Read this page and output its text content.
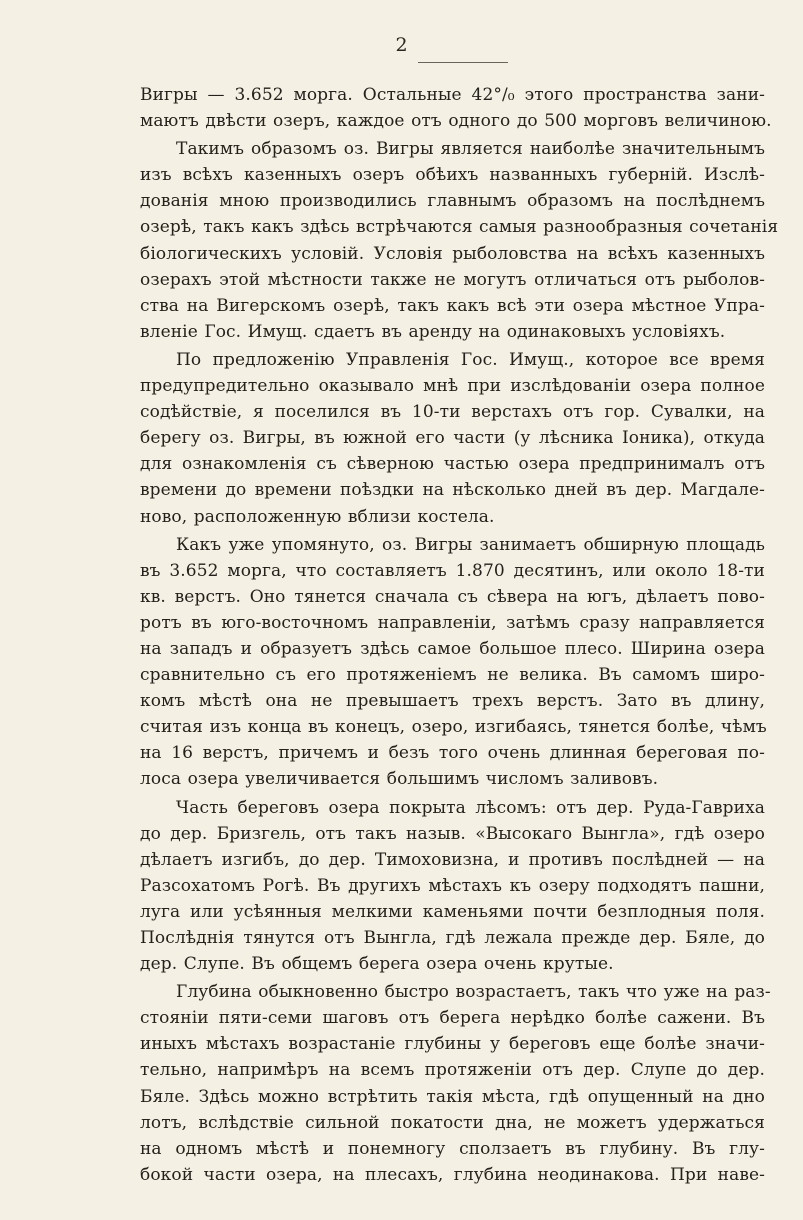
2
Вигры — 3.652 морга. Остальные 42°/₀ этого пространства зани-
маютъ двѣсти озеръ, каждое отъ одного до 500 морговъ величиною.
Такимъ образомъ оз. Вигры является наиболѣе значительнымъ
изъ всѣхъ казенныхъ озеръ обѣихъ названныхъ губерній. Изслѣ-
дованія мною производились главнымъ образомъ на послѣднемъ
озерѣ, такъ какъ здѣсь встрѣчаются самыя разнообразныя сочетанія
біологическихъ условій. Условія рыболовства на всѣхъ казенныхъ
озерахъ этой мѣстности также не могутъ отличаться отъ рыболов-
ства на Вигерскомъ озерѣ, такъ какъ всѣ эти озера мѣстное Упра-
вленіе Гос. Имущ. сдаетъ въ аренду на одинаковыхъ условіяхъ.
По предложенію Управленія Гос. Имущ., которое все время
предупредительно оказывало мнѣ при изслѣдованіи озера полное
содѣйствіе, я поселился въ 10-ти верстахъ отъ гор. Сувалки, на
берегу оз. Вигры, въ южной его части (у лѣсника Іоника), откуда
для ознакомленія съ сѣверною частью озера предпринималъ отъ
времени до времени поѣздки на нѣсколько дней въ дер. Магдале-
ново, расположенную вблизи костела.
Какъ уже упомянуто, оз. Вигры занимаетъ обширную площадь
въ 3.652 морга, что составляетъ 1.870 десятинъ, или около 18-ти
кв. верстъ. Оно тянется сначала съ сѣвера на югъ, дѣлаетъ пово-
ротъ въ юго-восточномъ направленіи, затѣмъ сразу направляется
на западъ и образуетъ здѣсь самое большое плесо. Ширина озера
сравнительно съ его протяженіемъ не велика. Въ самомъ широ-
комъ мѣстѣ она не превышаетъ трехъ верстъ. Зато въ длину,
считая изъ конца въ конецъ, озеро, изгибаясь, тянется болѣе, чѣмъ
на 16 верстъ, причемъ и безъ того очень длинная береговая по-
лоса озера увеличивается большимъ числомъ заливовъ.
Часть береговъ озера покрыта лѣсомъ: отъ дер. Руда-Гавриха
до дер. Бризгель, отъ такъ назыв. «Высокаго Вынгла», гдѣ озеро
дѣлаетъ изгибъ, до дер. Тимоховизна, и противъ послѣдней — на
Разсохатомъ Рогѣ. Въ другихъ мѣстахъ къ озеру подходятъ пашни,
луга или усѣянныя мелкими каменьями почти безплодныя поля.
Послѣднія тянутся отъ Вынгла, гдѣ лежала прежде дер. Бяле, до
дер. Слупе. Въ общемъ берега озера очень крутые.
Глубина обыкновенно быстро возрастаетъ, такъ что уже на раз-
стояніи пяти-семи шаговъ отъ берега нерѣдко болѣе сажени. Въ
иныхъ мѣстахъ возрастаніе глубины у береговъ еще болѣе значи-
тельно, напримѣръ на всемъ протяженіи отъ дер. Слупе до дер.
Бяле. Здѣсь можно встрѣтить такія мѣста, гдѣ опущенный на дно
лотъ, вслѣдствіе сильной покатости дна, не можетъ удержаться
на одномъ мѣстѣ и понемногу сползаетъ въ глубину. Въ глу-
бокой части озера, на плесахъ, глубина неодинакова. При наве-
